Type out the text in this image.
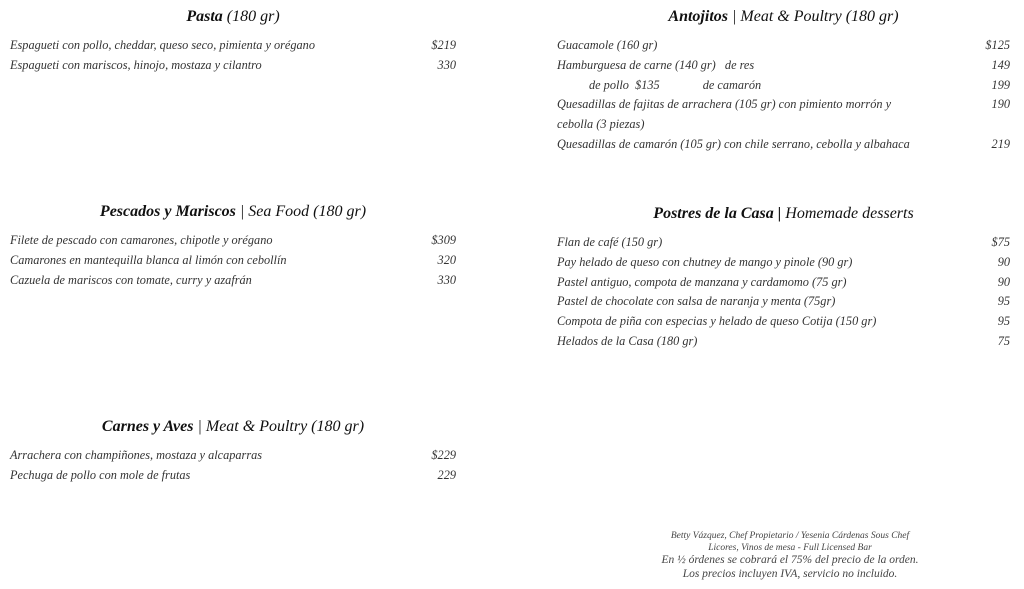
Pasta (180 gr)
Espagueti con pollo, cheddar, queso seco, pimienta y orégano	$219
Espagueti con mariscos, hinojo, mostaza y cilantro	330
Pescados y Mariscos | Sea Food (180 gr)
Filete de pescado con camarones, chipotle y orégano	$309
Camarones en mantequilla blanca al limón con cebollín	320
Cazuela de mariscos con tomate, curry y azafrán	330
Carnes y Aves | Meat & Poultry (180 gr)
Arrachera con champiñones, mostaza y alcaparras	$229
Pechuga de pollo con mole de frutas	229
Antojitos | Meat & Poultry (180 gr)
Guacamole (160 gr)	$125
Hamburguesa de carne (140 gr)   de res	149
de pollo  $135              de camarón	199
Quesadillas de fajitas de arrachera (105 gr) con pimiento morrón y	190
cebolla (3 piezas)
Quesadillas de camarón (105 gr) con chile serrano, cebolla y albahaca	219
Postres de la Casa | Homemade desserts
Flan de café (150 gr)	$75
Pay helado de queso con chutney de mango y pinole (90 gr)	90
Pastel antiguo, compota de manzana y cardamomo (75 gr)	90
Pastel de chocolate con salsa de naranja y menta (75gr)	95
Compota de piña con especias y helado de queso Cotija (150 gr)	95
Helados de la Casa (180 gr)	75
Betty Vázquez, Chef Propietario / Yesenia Cárdenas Sous Chef
Licores, Vinos de mesa - Full Licensed Bar
En ½ órdenes se cobrará el 75% del precio de la orden.
Los precios incluyen IVA, servicio no incluido.
